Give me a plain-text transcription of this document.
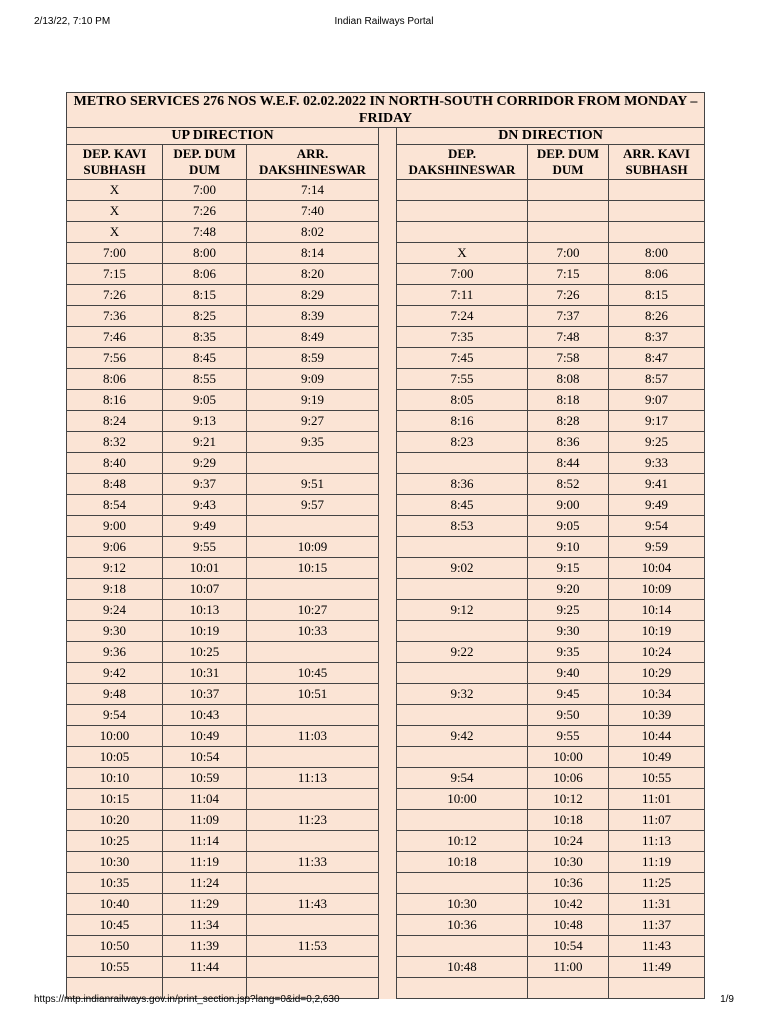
2/13/22, 7:10 PM	Indian Railways Portal
METRO SERVICES 276 NOS W.E.F. 02.02.2022 IN NORTH-SOUTH CORRIDOR FROM MONDAY – FRIDAY						
UP DIRECTION				DN DIRECTION		
DEP. KAVI SUBHASH	DEP. DUM DUM	ARR. DAKSHINESWAR		DEP. DAKSHINESWAR	DEP. DUM DUM	ARR. KAVI SUBHASH
X	7:00	7:14				
X	7:26	7:40				
X	7:48	8:02				
7:00	8:00	8:14		X	7:00	8:00
7:15	8:06	8:20		7:00	7:15	8:06
7:26	8:15	8:29		7:11	7:26	8:15
7:36	8:25	8:39		7:24	7:37	8:26
7:46	8:35	8:49		7:35	7:48	8:37
7:56	8:45	8:59		7:45	7:58	8:47
8:06	8:55	9:09		7:55	8:08	8:57
8:16	9:05	9:19		8:05	8:18	9:07
8:24	9:13	9:27		8:16	8:28	9:17
8:32	9:21	9:35		8:23	8:36	9:25
8:40	9:29				8:44	9:33
8:48	9:37	9:51		8:36	8:52	9:41
8:54	9:43	9:57		8:45	9:00	9:49
9:00	9:49			8:53	9:05	9:54
9:06	9:55	10:09			9:10	9:59
9:12	10:01	10:15		9:02	9:15	10:04
9:18	10:07				9:20	10:09
9:24	10:13	10:27		9:12	9:25	10:14
9:30	10:19	10:33			9:30	10:19
9:36	10:25			9:22	9:35	10:24
9:42	10:31	10:45			9:40	10:29
9:48	10:37	10:51		9:32	9:45	10:34
9:54	10:43				9:50	10:39
10:00	10:49	11:03		9:42	9:55	10:44
10:05	10:54				10:00	10:49
10:10	10:59	11:13		9:54	10:06	10:55
10:15	11:04			10:00	10:12	11:01
10:20	11:09	11:23			10:18	11:07
10:25	11:14			10:12	10:24	11:13
10:30	11:19	11:33		10:18	10:30	11:19
10:35	11:24				10:36	11:25
10:40	11:29	11:43		10:30	10:42	11:31
10:45	11:34			10:36	10:48	11:37
10:50	11:39	11:53			10:54	11:43
10:55	11:44			10:48	11:00	11:49

https://mtp.indianrailways.gov.in/print_section.jsp?lang=0&id=0,2,630	1/9
